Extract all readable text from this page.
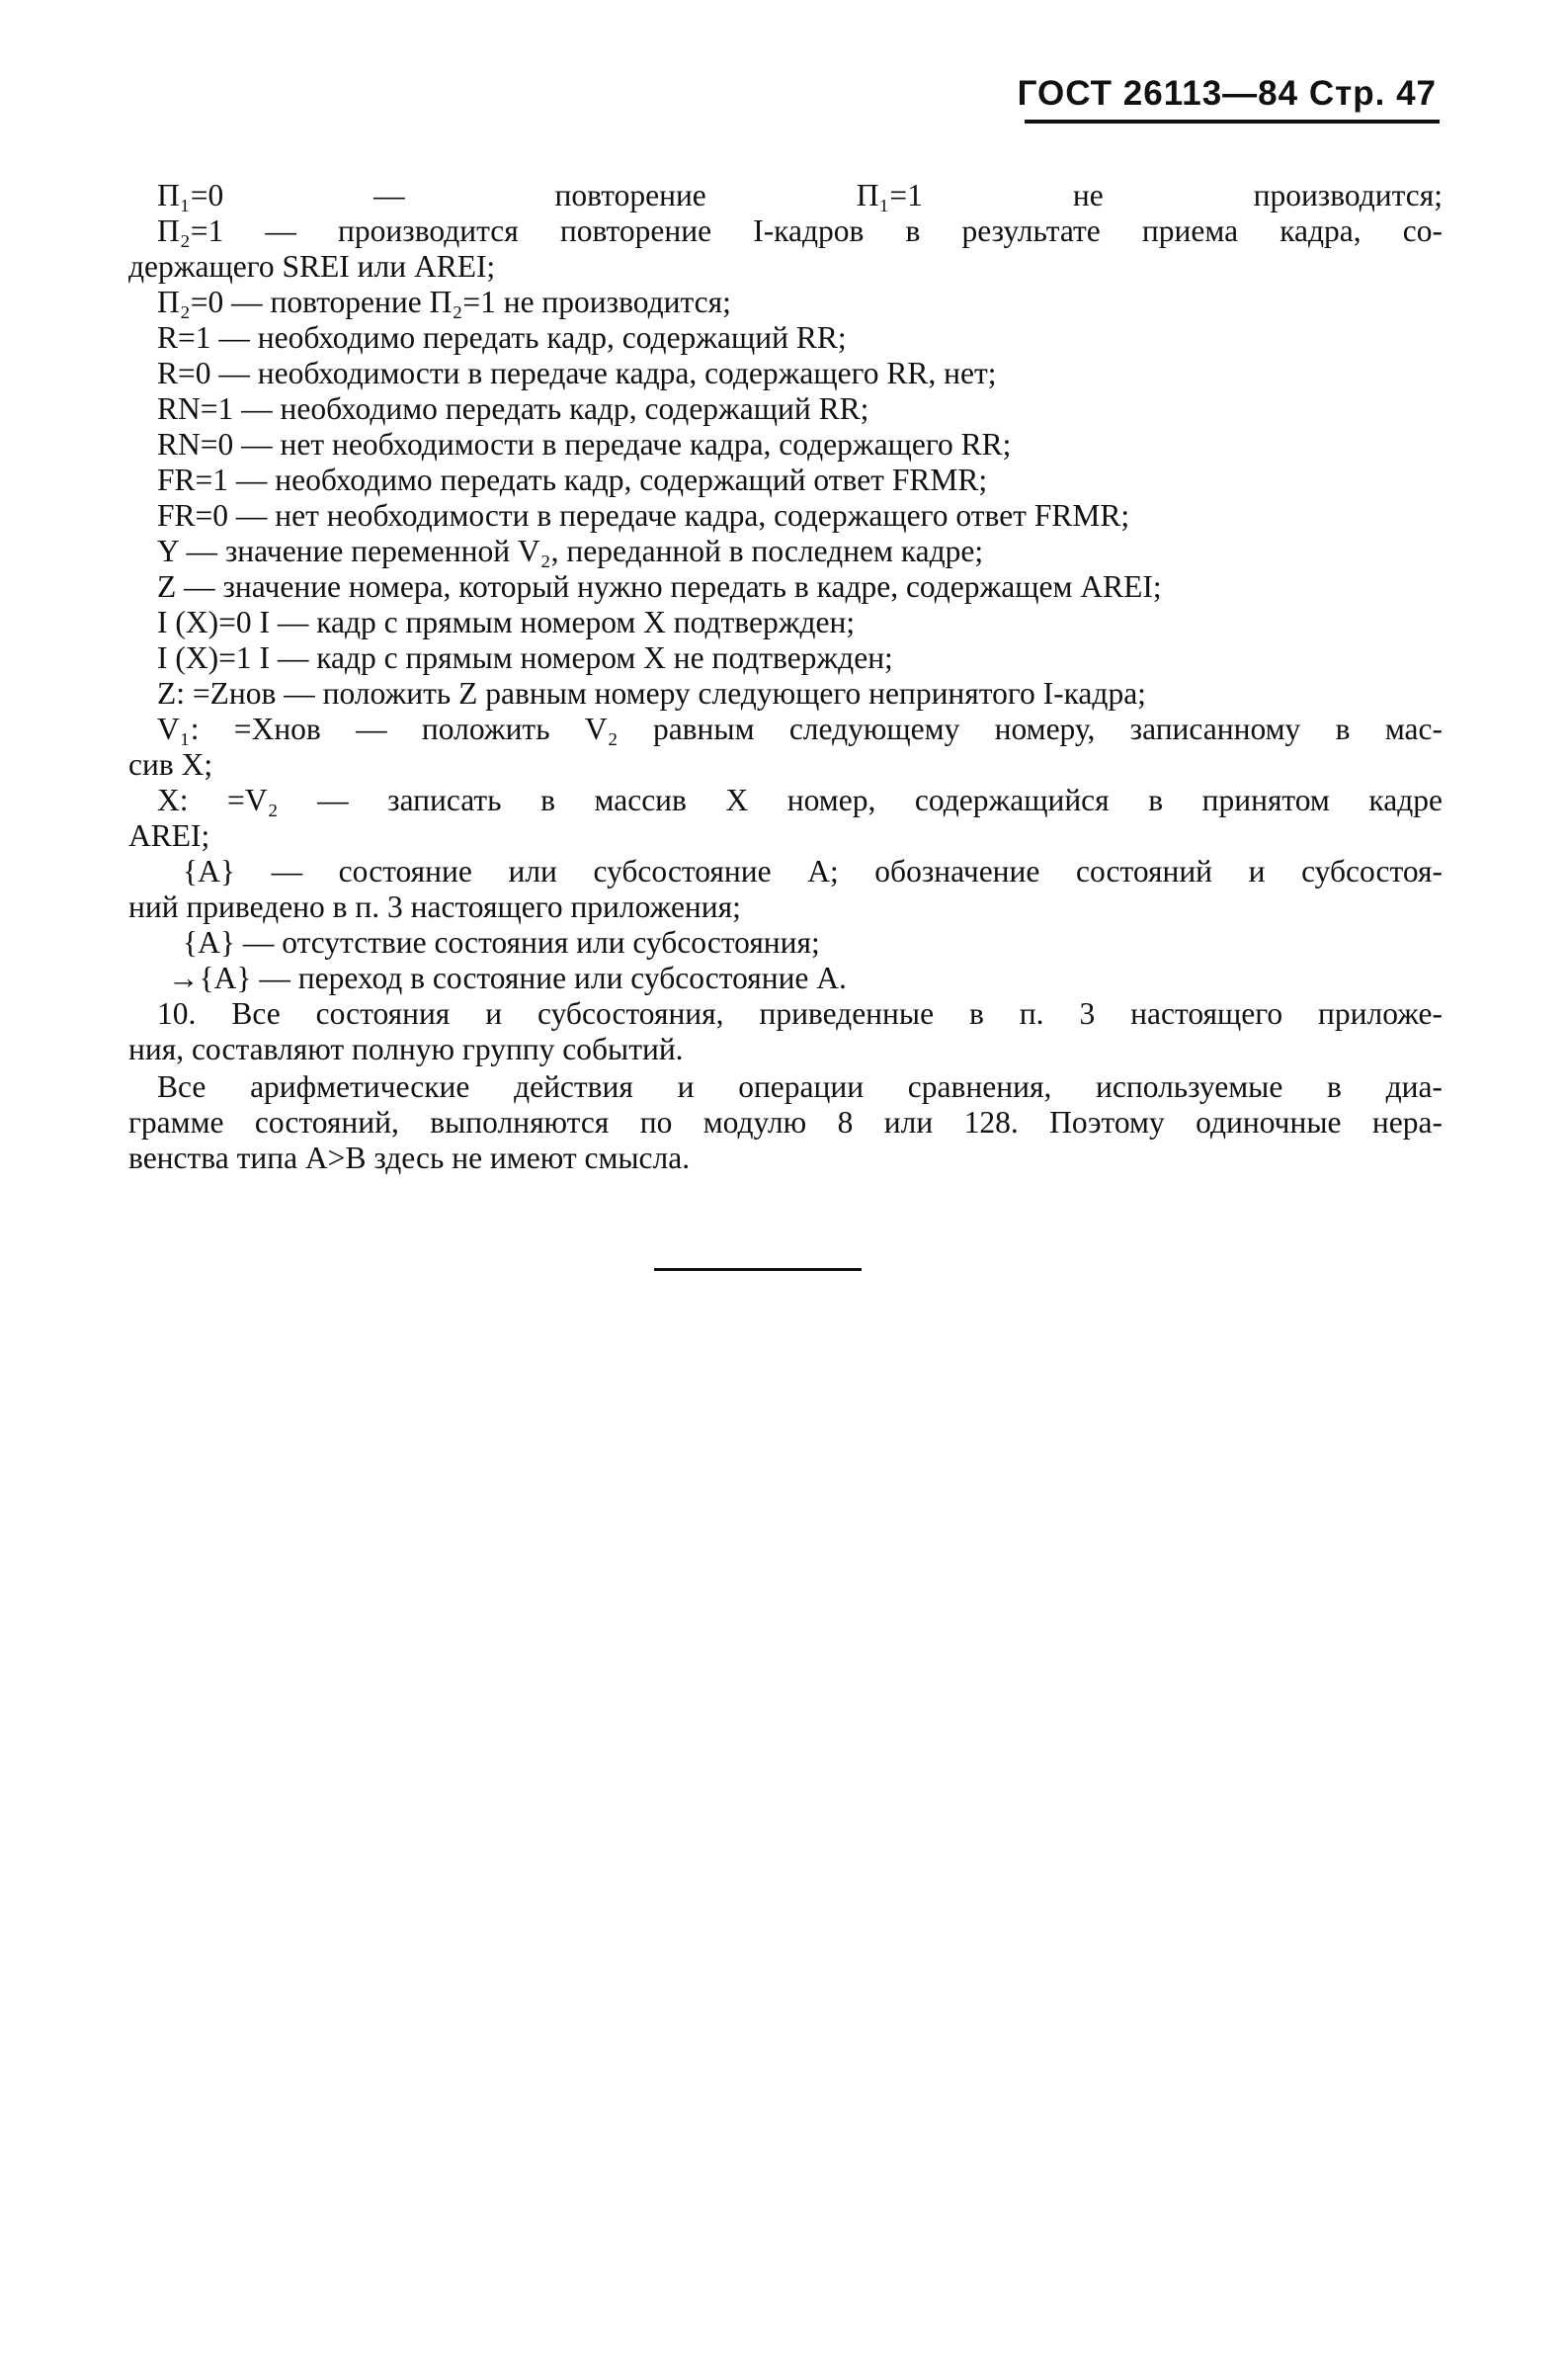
ГОСТ 26113—84 Стр. 47
П₁=0 — повторение П₁=1 не производится;
П₂=1 — производится повторение I-кадров в результате приема кадра, со-
держащего SREI или AREI;
П₂=0 — повторение П₂=1 не производится;
R=1 — необходимо передать кадр, содержащий RR;
R=0 — необходимости в передаче кадра, содержащего RR, нет;
RN=1 — необходимо передать кадр, содержащий RR;
RN=0 — нет необходимости в передаче кадра, содержащего RR;
FR=1 — необходимо передать кадр, содержащий ответ FRMR;
FR=0 — нет необходимости в передаче кадра, содержащего ответ FRMR;
Y — значение переменной V₂, переданной в последнем кадре;
Z — значение номера, который нужно передать в кадре, содержащем AREI;
I (X)=0 I — кадр с прямым номером X подтвержден;
I (X)=1 I — кадр с прямым номером X не подтвержден;
Z: =Zнов — положить Z равным номеру следующего непринятого I-кадра;
V₁: =Xнов — положить V₂ равным следующему номеру, записанному в мас-
сив X;
X: =V₂ — записать в массив X номер, содержащийся в принятом кадре
AREI;
{A} — состояние или субсостояние A; обозначение состояний и субсостоя-
ний приведено в п. 3 настоящего приложения;
{A} — отсутствие состояния или субсостояния;
→{A} — переход в состояние или субсостояние A.
10. Все состояния и субсостояния, приведенные в п. 3 настоящего приложе-
ния, составляют полную группу событий.
Все арифметические действия и операции сравнения, используемые в диа-
грамме состояний, выполняются по модулю 8 или 128. Поэтому одиночные нера-
венства типа A>B здесь не имеют смысла.
